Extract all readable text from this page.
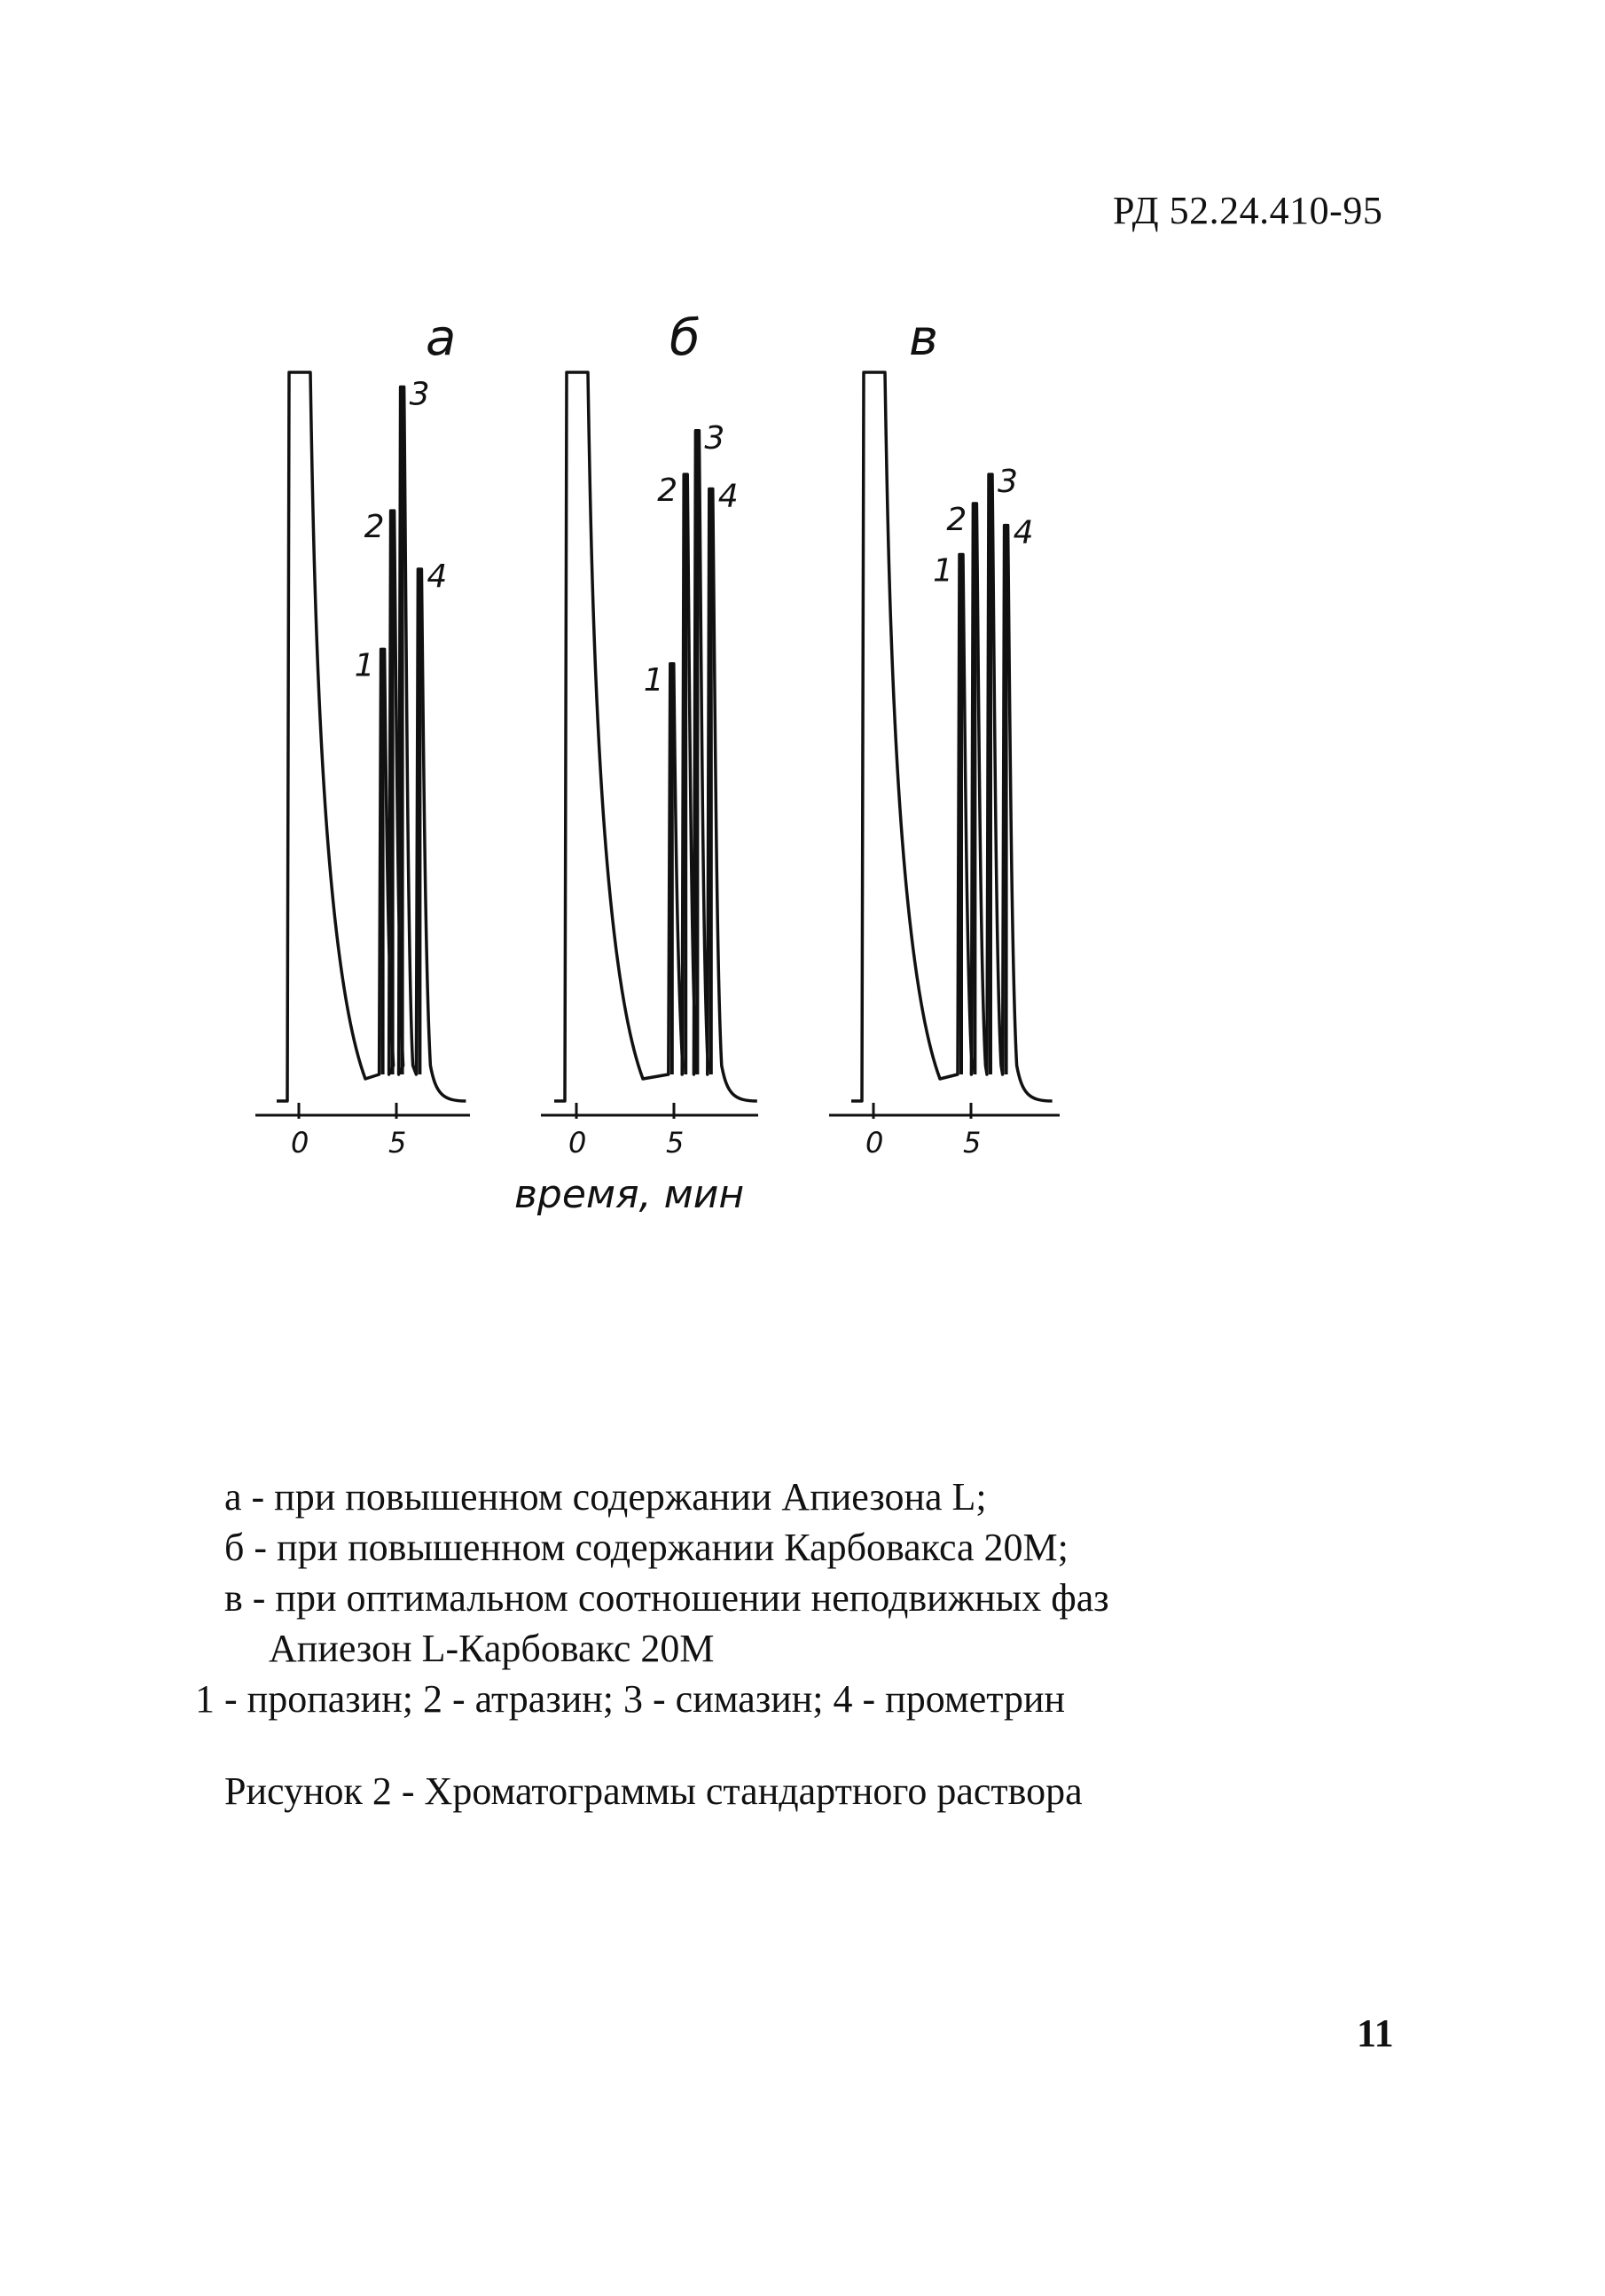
РД 52.24.410-95
а
0	5
1
2
3
4
б
0	5
1
2
3
4
в
0	5
1
2
3
4
время, мин
а - при повышенном содержании Апиезона L;
б - при повышенном содержании Карбовакса 20М;
в - при оптимальном соотношении неподвижных фаз
Апиезон L-Карбовакс 20М
1 - пропазин; 2 - атразин; 3 - симазин; 4 - прометрин
Рисунок 2 - Хроматограммы стандартного раствора
11
